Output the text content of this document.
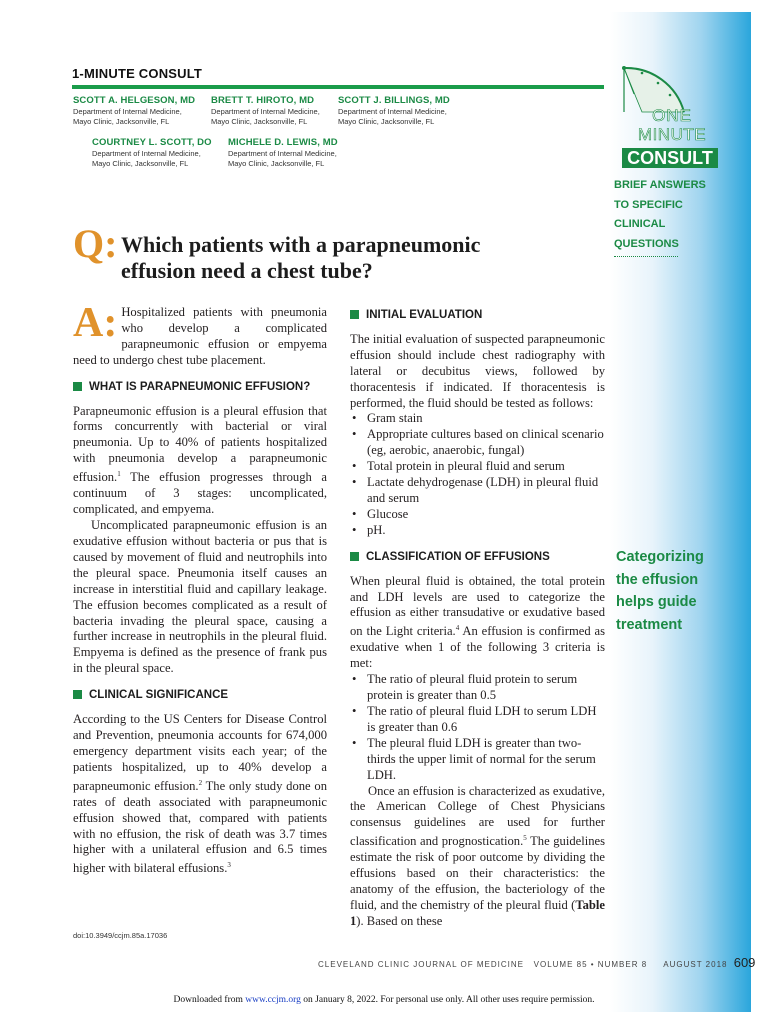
1-MINUTE CONSULT
SCOTT A. HELGESON, MD
Department of Internal Medicine,
Mayo Clinic, Jacksonville, FL
BRETT T. HIROTO, MD
Department of Internal Medicine,
Mayo Clinic, Jacksonville, FL
SCOTT J. BILLINGS, MD
Department of Internal Medicine,
Mayo Clinic, Jacksonville, FL
COURTNEY L. SCOTT, DO
Department of Internal Medicine,
Mayo Clinic, Jacksonville, FL
MICHELE D. LEWIS, MD
Department of Internal Medicine,
Mayo Clinic, Jacksonville, FL
ONE
MINUTE
CONSULT
BRIEF ANSWERS
TO SPECIFIC
CLINICAL
QUESTIONS
Q: Which patients with a parapneumonic
effusion need a chest tube?

A: Hospitalized patients with pneumonia who develop a complicated parapneumonic effusion or empyema need to undergo chest tube placement.

WHAT IS PARAPNEUMONIC EFFUSION?

Parapneumonic effusion is a pleural effusion that forms concurrently with bacterial or viral pneumonia. Up to 40% of patients hospitalized with pneumonia develop a parapneumonic effusion.$^1$ The effusion progresses through a continuum of 3 stages: uncomplicated, complicated, and empyema.

Uncomplicated parapneumonic effusion is an exudative effusion without bacteria or pus that is caused by movement of fluid and neutrophils into the pleural space. Pneumonia itself causes an increase in interstitial fluid and capillary leakage. The effusion becomes complicated as a result of bacteria invading the pleural space, causing a further increase in neutrophils in the pleural fluid. Empyema is defined as the presence of frank pus in the pleural space.

CLINICAL SIGNIFICANCE

According to the US Centers for Disease Control and Prevention, pneumonia accounts for 674,000 emergency department visits each year; of the patients hospitalized, up to 40% develop a parapneumonic effusion.$^2$ The only study done on rates of death associated with parapneumonic effusion showed that, compared with patients with no effusion, the risk of death was 3.7 times higher with a unilateral effusion and 6.5 times higher with bilateral effusions.$^3$

doi:10.3949/ccjm.85a.17036
INITIAL EVALUATION

The initial evaluation of suspected parapneumonic effusion should include chest radiography with lateral or decubitus views, followed by thoracentesis if indicated. If thoracentesis is performed, the fluid should be tested as follows:

• Gram stain
• Appropriate cultures based on clinical scenario (eg, aerobic, anaerobic, fungal)
• Total protein in pleural fluid and serum
• Lactate dehydrogenase (LDH) in pleural fluid and serum
• Glucose
• pH.
CLASSIFICATION OF EFFUSIONS

When pleural fluid is obtained, the total protein and LDH levels are used to categorize the effusion as either transudative or exudative based on the Light criteria.$^4$ An effusion is confirmed as exudative when 1 of the following 3 criteria is met:

• The ratio of pleural fluid protein to serum protein is greater than 0.5
• The ratio of pleural fluid LDH to serum LDH is greater than 0.6
• The pleural fluid LDH is greater than two-thirds the upper limit of normal for the serum LDH.

Once an effusion is characterized as exudative, the American College of Chest Physicians consensus guidelines are used for further classification and prognostication.$^5$ The guidelines estimate the risk of poor outcome by dividing the effusions based on their characteristics: the anatomy of the effusion, the bacteriology of the fluid, and the chemistry of the pleural fluid (Table 1). Based on these

Categorizing
the effusion
helps guide
treatment
CLEVELAND CLINIC JOURNAL OF MEDICINE VOLUME 85 • NUMBER 8 AUGUST 2018 609
Downloaded from www.ccjm.org on January 8, 2022. For personal use only. All other uses require permission.
